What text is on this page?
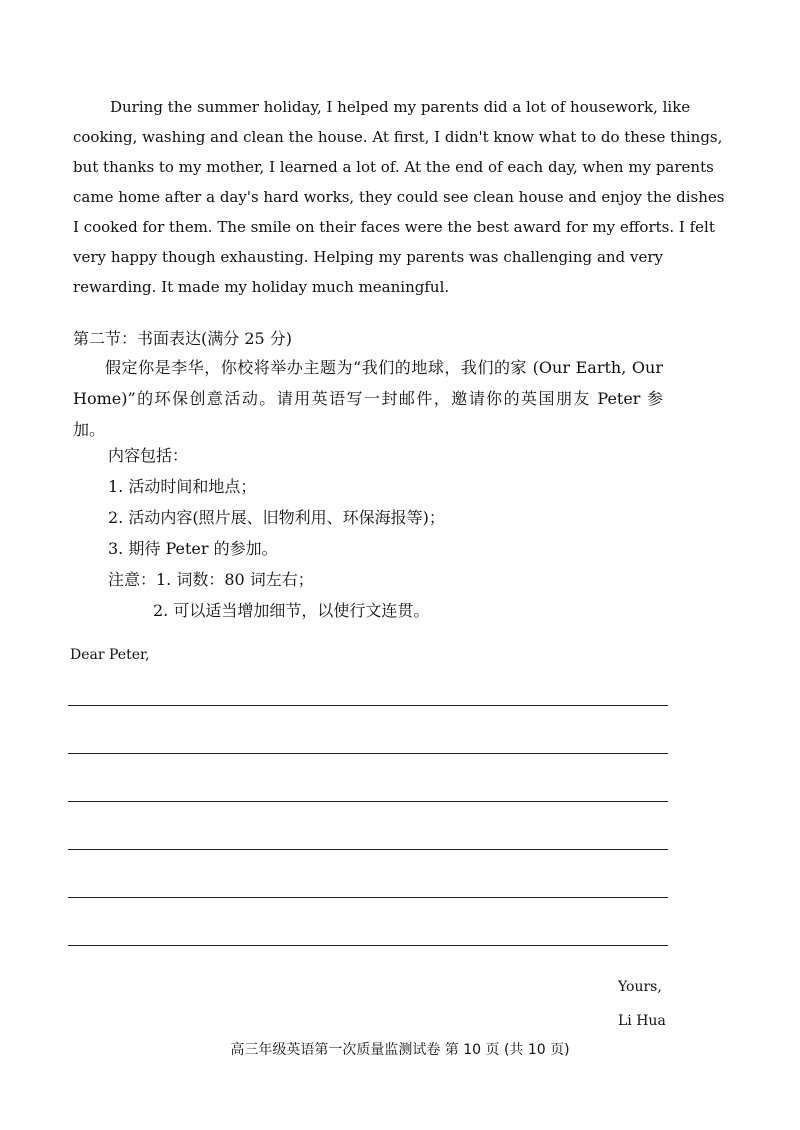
During the summer holiday, I helped my parents did a lot of housework, like
cooking, washing and clean the house. At first, I didn't know what to do these things,
but thanks to my mother, I learned a lot of. At the end of each day, when my parents
came home after a day's hard works, they could see clean house and enjoy the dishes
I cooked for them. The smile on their faces were the best award for my efforts. I felt
very happy though exhausting. Helping my parents was challenging and very
rewarding. It made my holiday much meaningful.
第二节：书面表达(满分 25 分)
假定你是李华，你校将举办主题为“我们的地球，我们的家 (Our Earth, Our
Home)”的环保创意活动。请用英语写一封邮件，邀请你的英国朋友 Peter 参
加。
内容包括：
1. 活动时间和地点；
2. 活动内容(照片展、旧物利用、环保海报等)；
3. 期待 Peter 的参加。
注意：1. 词数：80 词左右；
2. 可以适当增加细节，以使行文连贯。
Dear Peter,
Yours,
Li Hua
高三年级英语第一次质量监测试卷 第 10 页 (共 10 页)
